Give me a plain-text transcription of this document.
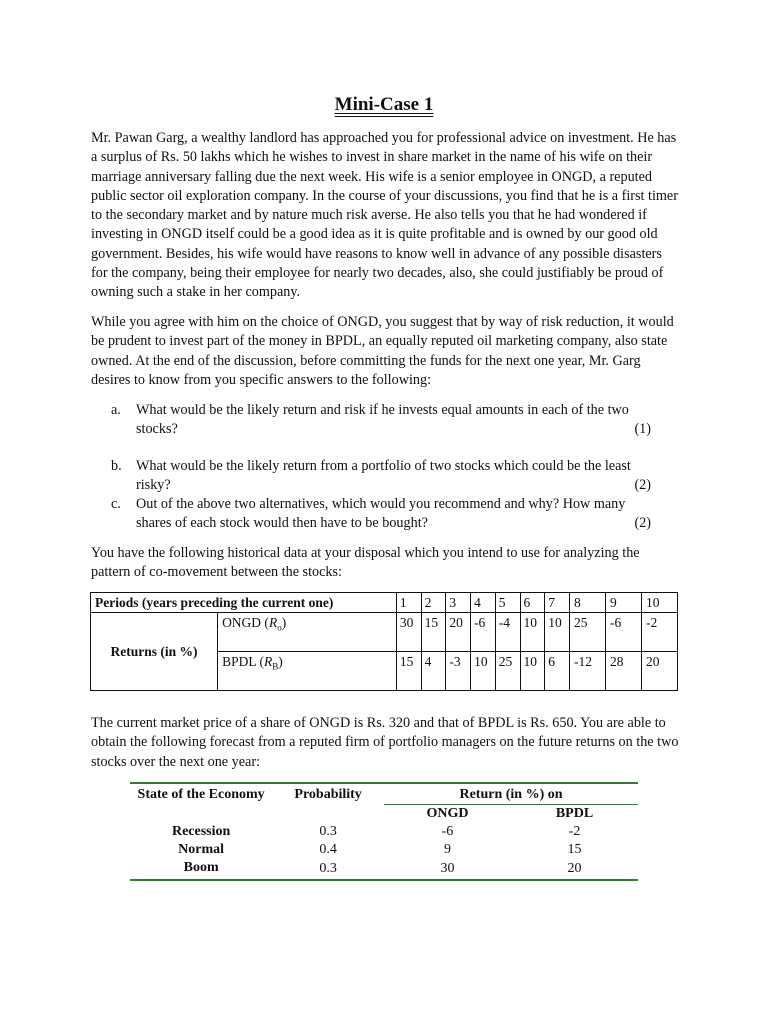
Mini-Case 1

Mr. Pawan Garg, a wealthy landlord has approached you for professional advice on investment. He has a surplus of Rs. 50 lakhs which he wishes to invest in share market in the name of his wife on their marriage anniversary falling due the next week. His wife is a senior employee in ONGD, a reputed public sector oil exploration company. In the course of your discussions, you find that he is a first timer to the secondary market and by nature much risk averse. He also tells you that he had wondered if investing in ONGD itself could be a good idea as it is quite profitable and is owned by our good old government. Besides, his wife would have reasons to know well in advance of any possible disasters for the company, being their employee for nearly two decades, also, she could justifiably be proud of owning such a stake in her company.

While you agree with him on the choice of ONGD, you suggest that by way of risk reduction, it would be prudent to invest part of the money in BPDL, an equally reputed oil marketing company, also state owned. At the end of the discussion, before committing the funds for the next one year, Mr. Garg desires to know from you specific answers to the following:

a. What would be the likely return and risk if he invests equal amounts in each of the two stocks?	(1)
b. What would be the likely return from a portfolio of two stocks which could be the least risky?	(2)
c. Out of the above two alternatives, which would you recommend and why? How many shares of each stock would then have to be bought?	(2)

You have the following historical data at your disposal which you intend to use for analyzing the pattern of co-movement between the stocks:

Periods (years preceding the current one)		1	2	3	4	5	6	7	8	9	10
Returns (in %)	ONGD $(R_o)$	30	15	20	-6	-4	10	10	25	-6	-2
	BPDL $(R_B)$	15	4	-3	10	25	10	6	-12	28	20

The current market price of a share of ONGD is Rs. 320 and that of BPDL is Rs. 650. You are able to obtain the following forecast from a reputed firm of portfolio managers on the future returns on the two stocks over the next one year:

State of the Economy	Probability	Return (in %) on	
		ONGD	BPDL
Recession	0.3	-6	-2
Normal	0.4	9	15
Boom	0.3	30	20
